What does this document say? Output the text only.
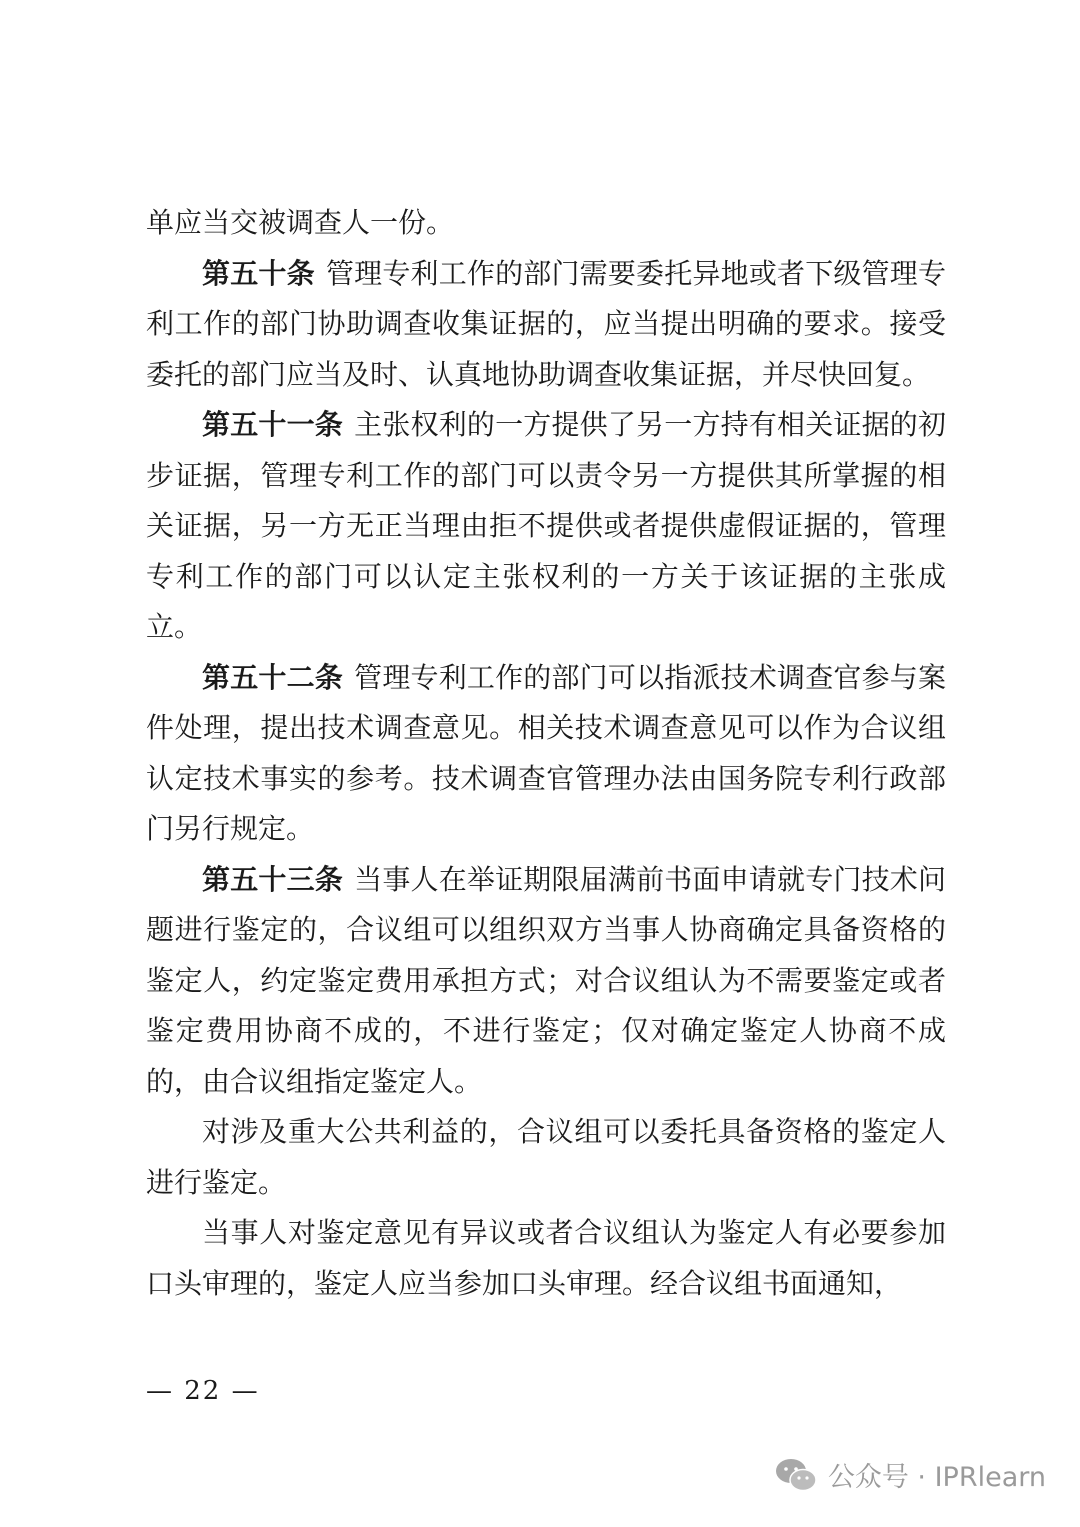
单应当交被调查人一份。

第五十条 管理专利工作的部门需要委托异地或者下级管理专利工作的部门协助调查收集证据的，应当提出明确的要求。接受委托的部门应当及时、认真地协助调查收集证据，并尽快回复。

第五十一条 主张权利的一方提供了另一方持有相关证据的初步证据，管理专利工作的部门可以责令另一方提供其所掌握的相关证据，另一方无正当理由拒不提供或者提供虚假证据的，管理专利工作的部门可以认定主张权利的一方关于该证据的主张成立。

第五十二条 管理专利工作的部门可以指派技术调查官参与案件处理，提出技术调查意见。相关技术调查意见可以作为合议组认定技术事实的参考。技术调查官管理办法由国务院专利行政部门另行规定。

第五十三条 当事人在举证期限届满前书面申请就专门技术问题进行鉴定的，合议组可以组织双方当事人协商确定具备资格的鉴定人，约定鉴定费用承担方式；对合议组认为不需要鉴定或者鉴定费用协商不成的，不进行鉴定；仅对确定鉴定人协商不成的，由合议组指定鉴定人。

对涉及重大公共利益的，合议组可以委托具备资格的鉴定人进行鉴定。

当事人对鉴定意见有异议或者合议组认为鉴定人有必要参加口头审理的，鉴定人应当参加口头审理。经合议组书面通知，

— 22 —
公众号 · IPRlearn
